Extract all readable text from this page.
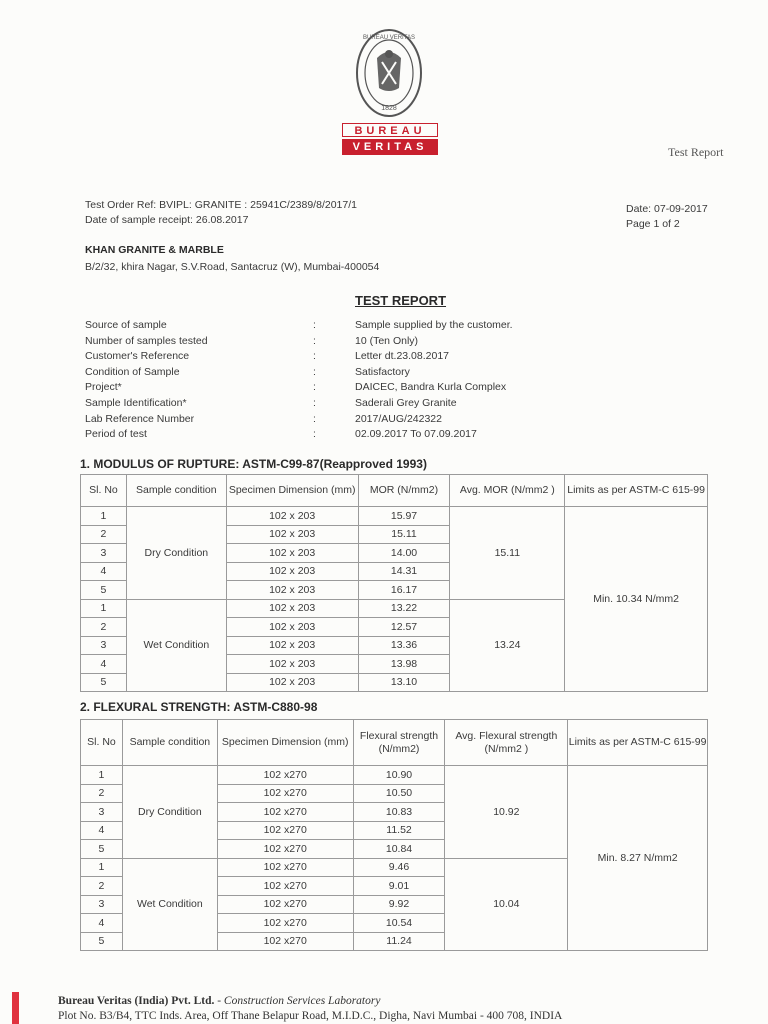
BUREAU VERITAS
1828
BUREAU
VERITAS	Test Report
Test Order Ref: BVIPL: GRANITE : 25941C/2389/8/2017/1
Date of sample receipt: 26.08.2017
Date: 07-09-2017
Page 1 of 2
KHAN GRANITE & MARBLE
B/2/32, khira Nagar, S.V.Road, Santacruz (W), Mumbai-400054
TEST REPORT
Source of sample	:	Sample supplied by the customer.
Number of samples tested	:	10 (Ten Only)
Customer's Reference	:	Letter dt.23.08.2017
Condition of Sample	:	Satisfactory
Project*	:	DAICEC, Bandra Kurla Complex
Sample Identification*	:	Saderali Grey Granite
Lab Reference Number	:	2017/AUG/242322
Period of test	:	02.09.2017 To 07.09.2017
1. MODULUS OF RUPTURE: ASTM-C99-87(Reapproved 1993)
Sl. No	Sample condition	Specimen Dimension (mm)	MOR (N/mm2)	Avg. MOR (N/mm2 )	Limits as per ASTM-C 615-99
1	Dry Condition	102 x 203	15.97	15.11	Min. 10.34 N/mm2
2		102 x 203	15.11		
3		102 x 203	14.00		
4		102 x 203	14.31		
5		102 x 203	16.17		
1	Wet Condition	102 x 203	13.22	13.24	
2		102 x 203	12.57		
3		102 x 203	13.36		
4		102 x 203	13.98		
5		102 x 203	13.10		
2. FLEXURAL STRENGTH: ASTM-C880-98
Sl. No	Sample condition	Specimen Dimension (mm)	Flexural strength (N/mm2)	Avg. Flexural strength (N/mm2 )	Limits as per ASTM-C 615-99
1	Dry Condition	102 x270	10.90	10.92	Min. 8.27 N/mm2
2		102 x270	10.50		
3		102 x270	10.83		
4		102 x270	11.52		
5		102 x270	10.84		
1	Wet Condition	102 x270	9.46	10.04	
2		102 x270	9.01		
3		102 x270	9.92		
4		102 x270	10.54		
5		102 x270	11.24		
Bureau Veritas (India) Pvt. Ltd. - Construction Services Laboratory
Plot No. B3/B4, TTC Inds. Area, Off Thane Belapur Road, M.I.D.C., Digha, Navi Mumbai - 400 708, INDIA
